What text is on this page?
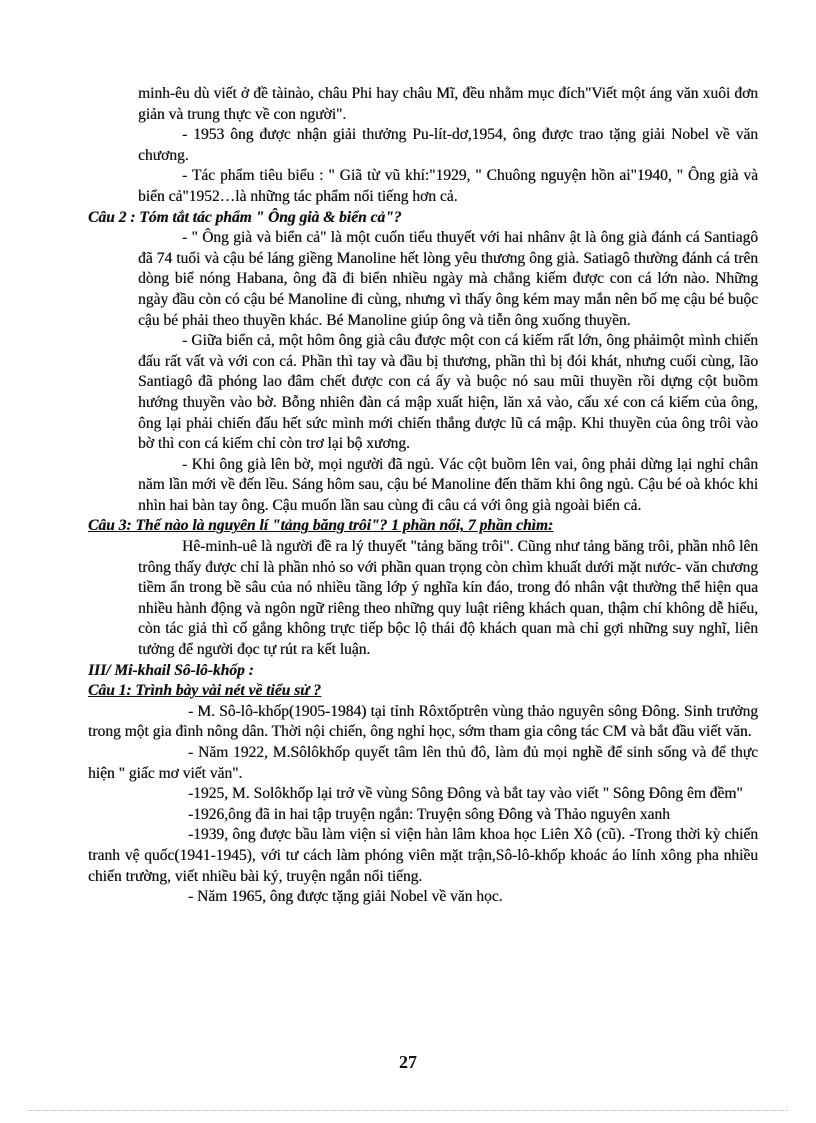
minh-êu dù viết ở đề tàinào, châu Phi hay châu Mĩ, đều nhằm mục đích"Viết một áng văn xuôi đơn giản và trung thực về con người".

- 1953 ông được nhận giải thưởng Pu-lít-dơ,1954, ông được trao tặng giải Nobel về văn chương.

- Tác phẩm tiêu biểu : " Giã từ vũ khí:"1929, " Chuông nguyện hồn ai"1940, " Ông già và biển cả"1952…là những tác phẩm nổi tiếng hơn cả.

Câu 2 : Tóm tắt tác phẩm " Ông già & biển cả"?

- " Ông già và biển cả" là một cuốn tiểu thuyết với hai nhânv ật là ông già đánh cá Santiagô đã 74 tuổi và cậu bé láng giềng Manoline hết lòng yêu thương ông già. Satiagô thường đánh cá trên dòng biể nóng Habana, ông đã đi biển nhiều ngày mà chẳng kiếm được con cá lớn nào. Những ngày đầu còn có cậu bé Manoline đi cùng, nhưng vì thấy ông kém may mắn nên bố mẹ cậu bé buộc cậu bé phải theo thuyền khác. Bé Manoline giúp ông và tiễn ông xuống thuyền.

- Giữa biển cả, một hôm ông già câu được một con cá kiếm rất lớn, ông phảimột mình chiến đấu rất vất và với con cá. Phần thì tay và đầu bị thương, phần thì bị đói khát, nhưng cuối cùng, lão Santiagô đã phóng lao đâm chết được con cá ấy và buộc nó sau mũi thuyền rồi dựng cột buồm hướng thuyền vào bờ. Bỗng nhiên đàn cá mập xuất hiện, lăn xả vào, cấu xé con cá kiếm của ông, ông lại phải chiến đấu hết sức mình mới chiến thắng được lũ cá mập. Khi thuyền của ông trôi vào bờ thì con cá kiếm chỉ còn trơ lại bộ xương.

- Khi ông già lên bờ, mọi người đã ngủ. Vác cột buồm lên vai, ông phải dừng lại nghỉ chân năm lần mới về đến lều. Sáng hôm sau, cậu bé Manoline đến thăm khi ông ngủ. Cậu bé oà khóc khi nhìn hai bàn tay ông. Cậu muốn lần sau cùng đi câu cá với ông già ngoài biển cả.

Câu 3: Thế nào là nguyên lí "tảng băng trôi"? 1 phần nổi, 7 phần chìm:

Hê-minh-uê là người đề ra lý thuyết "tảng băng trôi". Cũng như tảng băng trôi, phần nhô lên trông thấy được chỉ là phần nhỏ so với phần quan trọng còn chìm khuất dưới mặt nước- văn chương tiềm ẩn trong bề sâu của nó nhiều tầng lớp ý nghĩa kín đáo, trong đó nhân vật thường thể hiện qua nhiều hành động và ngôn ngữ riêng theo những quy luật riêng khách quan, thậm chí không dễ hiểu, còn tác giả thì cố gắng không trực tiếp bộc lộ thái độ khách quan mà chỉ gợi những suy nghĩ, liên tưởng để người đọc tự rút ra kết luận.

III/ Mi-khail Sô-lô-khốp :

Câu 1: Trình bày vài nét về tiểu sử ?

- M. Sô-lô-khốp(1905-1984) tại tỉnh Rôxtốptrên vùng thảo nguyên sông Đông. Sinh trưởng trong một gia đình nông dân. Thời nội chiến, ông nghỉ học, sớm tham gia công tác CM và bắt đầu viết văn.

- Năm 1922, M.Sôlôkhốp quyết tâm lên thủ đô, làm đủ mọi nghề để sinh sống và để thực hiện " giấc mơ viết văn".

-1925, M. Solôkhốp lại trở về vùng Sông Đông và bắt tay vào viết " Sông Đông êm đềm"

-1926,ông đã in hai tập truyện ngắn: Truyện sông Đông và Thảo nguyên xanh

-1939, ông được bầu làm viện sỉ viện hàn lâm khoa học Liên Xô (cũ). -Trong thời kỳ chiến tranh vệ quốc(1941-1945), với tư cách làm phóng viên mặt trận,Sô-lô-khốp khoác áo lính xông pha nhiều chiến trường, viết nhiều bài ký, truyện ngắn nổi tiếng.

- Năm 1965, ông được tặng giải Nobel về văn học.

27
